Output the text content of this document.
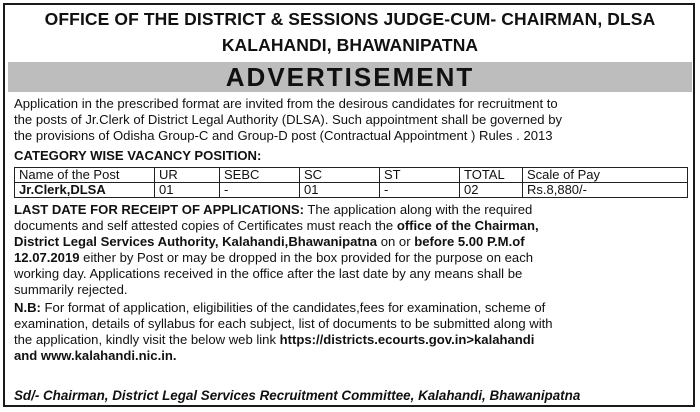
OFFICE OF THE DISTRICT & SESSIONS JUDGE-CUM- CHAIRMAN, DLSA
KALAHANDI, BHAWANIPATNA
ADVERTISEMENT
Application in the prescribed format are invited from the desirous candidates for recruitment to
the posts of Jr.Clerk of District Legal Authority (DLSA). Such appointment shall be governed by
the provisions of Odisha Group-C and Group-D post (Contractual Appointment ) Rules . 2013
CATEGORY WISE VACANCY POSITION:
Name of the Post	UR	SEBC	SC	ST	TOTAL	Scale of Pay
Jr.Clerk,DLSA	01	-	01	-	02	Rs.8,880/-
LAST DATE FOR RECEIPT OF APPLICATIONS: The application along with the required
documents and self attested copies of Certificates must reach the office of the Chairman,
District Legal Services Authority, Kalahandi,Bhawanipatna on or before 5.00 P.M.of
12.07.2019 either by Post or may be dropped in the box provided for the purpose on each
working day. Applications received in the office after the last date by any means shall be
summarily rejected.
N.B: For format of application, eligibilities of the candidates,fees for examination, scheme of
examination, details of syllabus for each subject, list of documents to be submitted along with
the application, kindly visit the below web link https://districts.ecourts.gov.in>kalahandi
and www.kalahandi.nic.in.
Sd/- Chairman, District Legal Services Recruitment Committee, Kalahandi, Bhawanipatna
